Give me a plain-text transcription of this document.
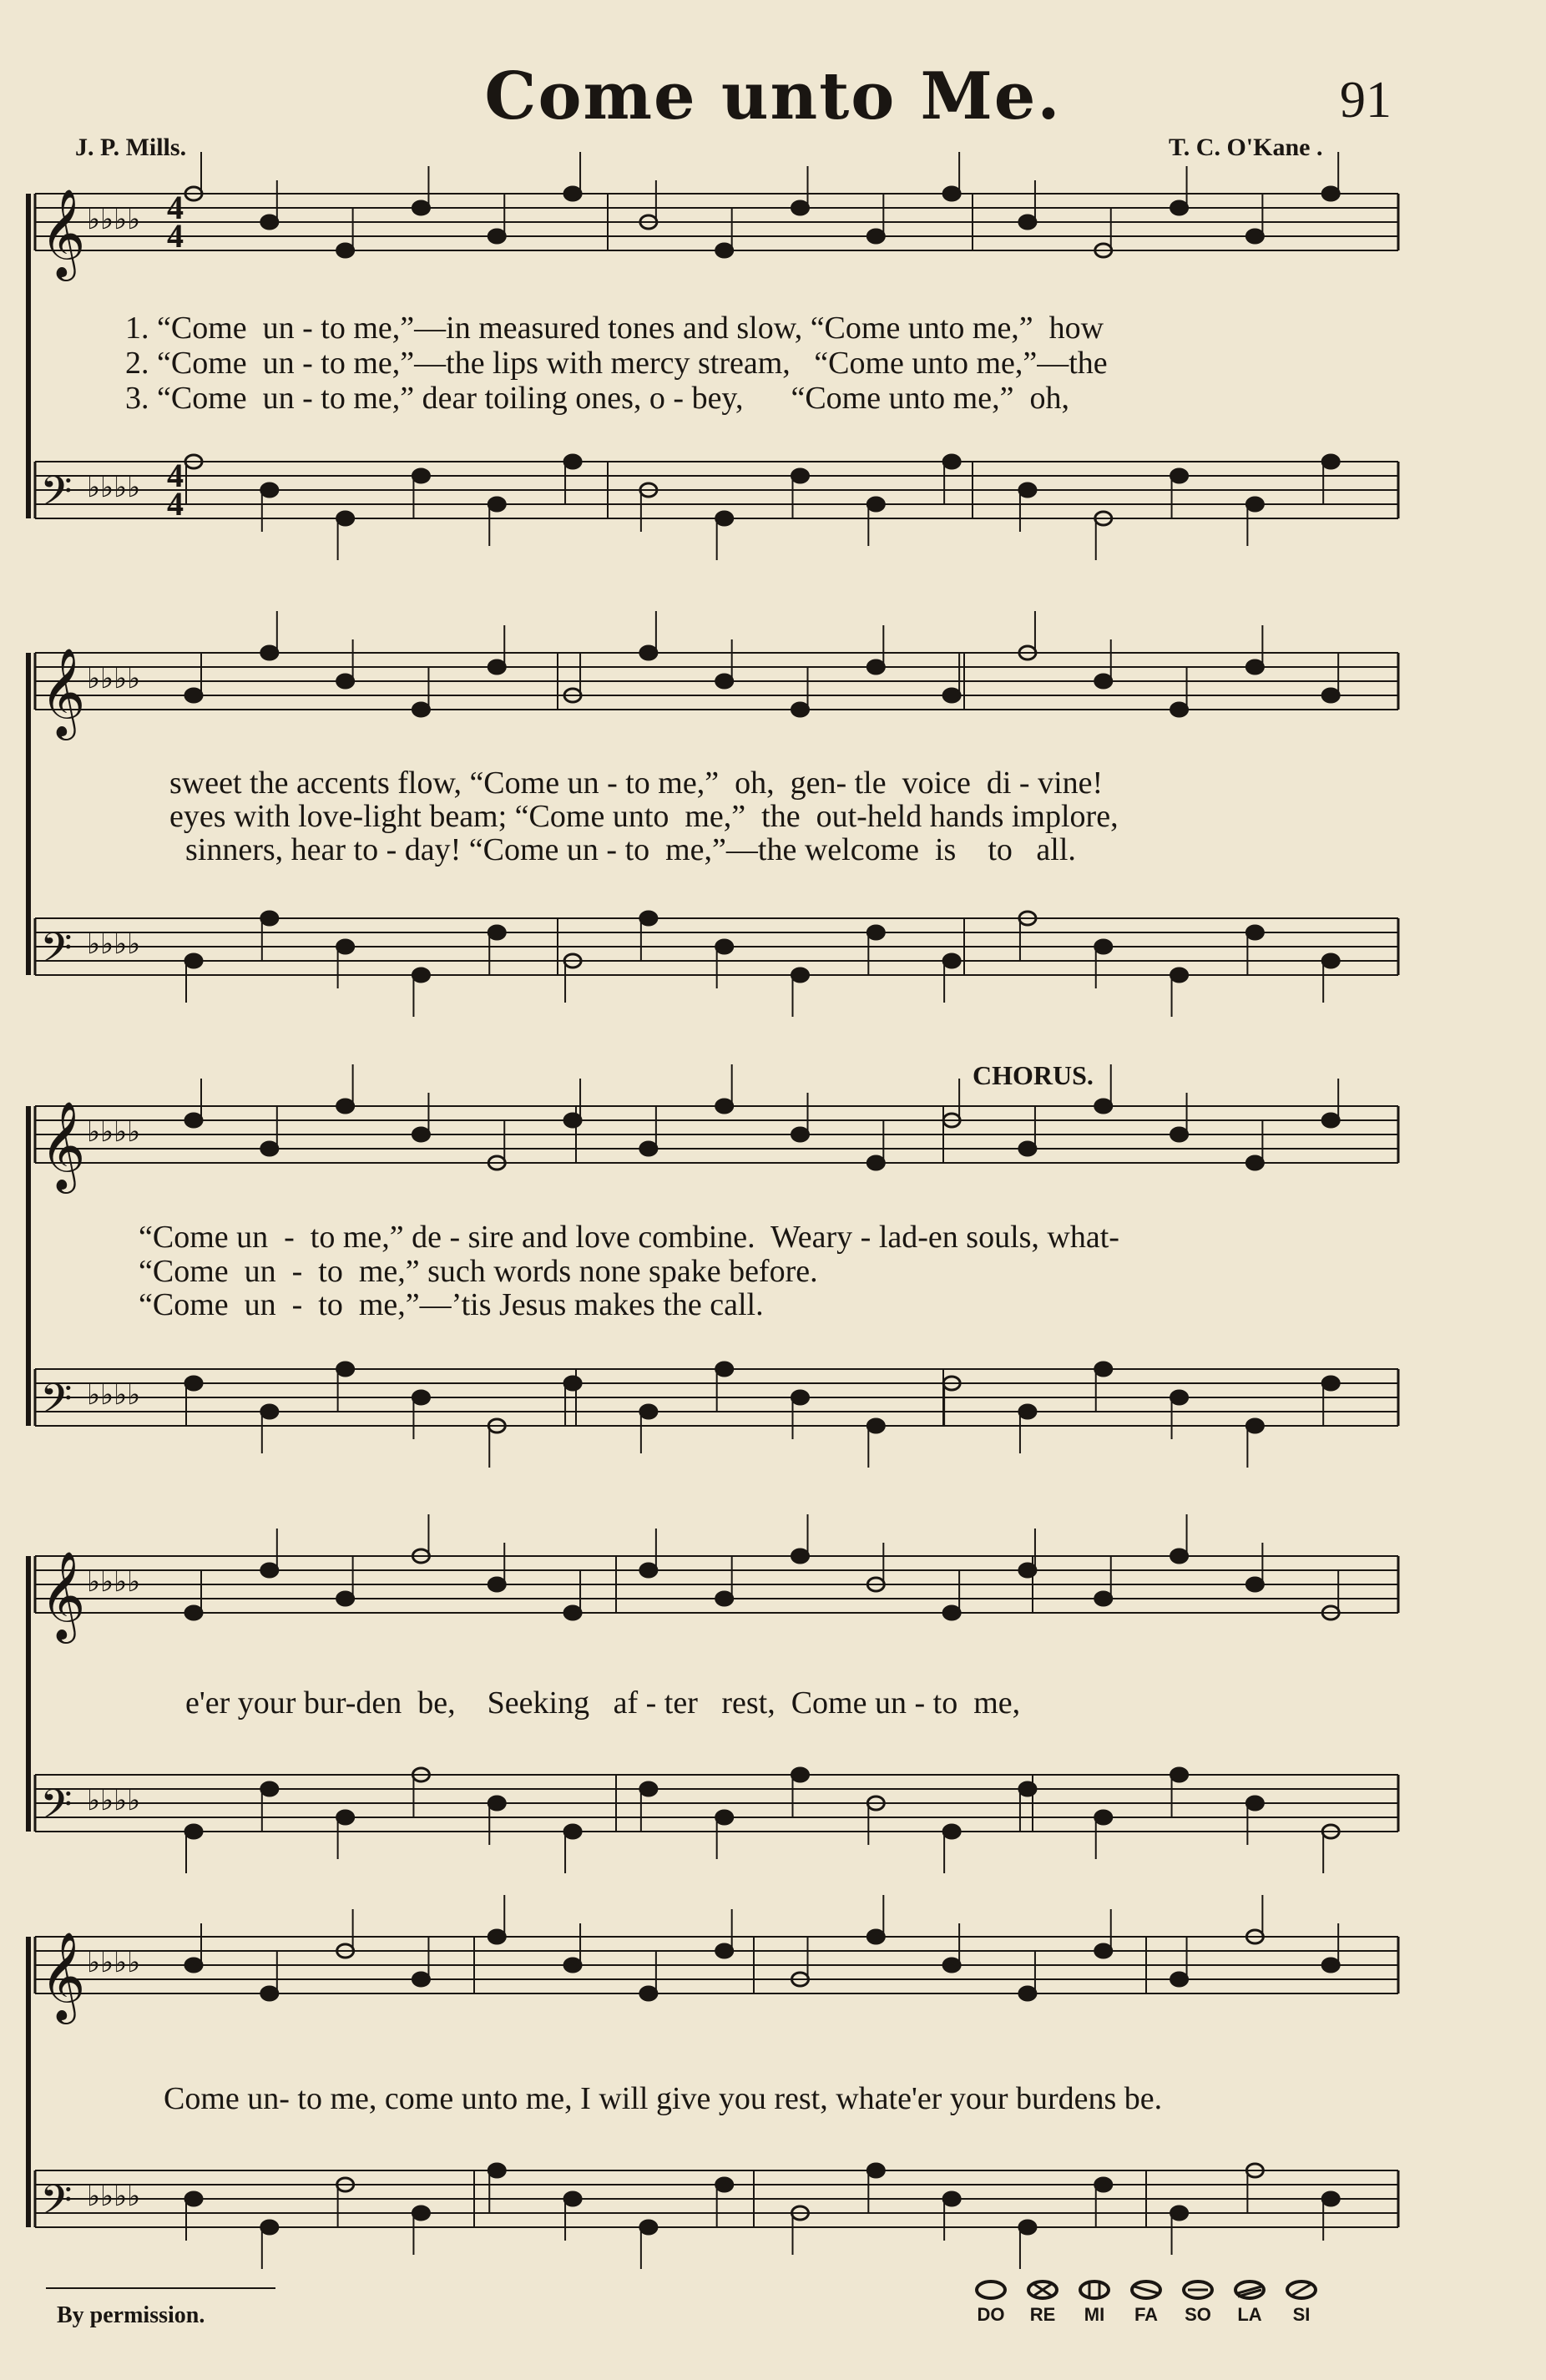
Come unto Me.	91
J. P. Mills.	T. C. O'Kane .
𝄞 ♭♭♭♭
𝄢 ♭♭♭♭
𝄞 ♭♭♭♭
𝄢 ♭♭♭♭
𝄞 ♭♭♭♭
𝄢 ♭♭♭♭
𝄞 ♭♭♭♭
𝄢 ♭♭♭♭
𝄞 ♭♭♭♭
𝄢 ♭♭♭♭
4
4
4
4
1. “Come  un - to me,”—in measured tones and slow, “Come unto me,”  how
2. “Come  un - to me,”—the lips with mercy stream,   “Come unto me,”—the
3. “Come  un - to me,” dear toiling ones, o - bey,      “Come unto me,”  oh,
sweet the accents flow, “Come un - to me,”  oh,  gen- tle  voice  di - vine!
eyes with love-light beam; “Come unto  me,”  the  out-held hands implore,
sinners, hear to - day! “Come un - to  me,”—the welcome  is    to   all.
CHORUS.
“Come un  -  to me,” de - sire and love combine.  Weary - lad-en souls, what-
“Come  un  -  to  me,” such words none spake before.
“Come  un  -  to  me,”—’tis Jesus makes the call.
e'er your bur-den  be,    Seeking   af - ter   rest,  Come un - to  me,
Come un- to me, come unto me, I will give you rest, whate'er your burdens be.
By permission.	DO RE MI FA SO LA SI
